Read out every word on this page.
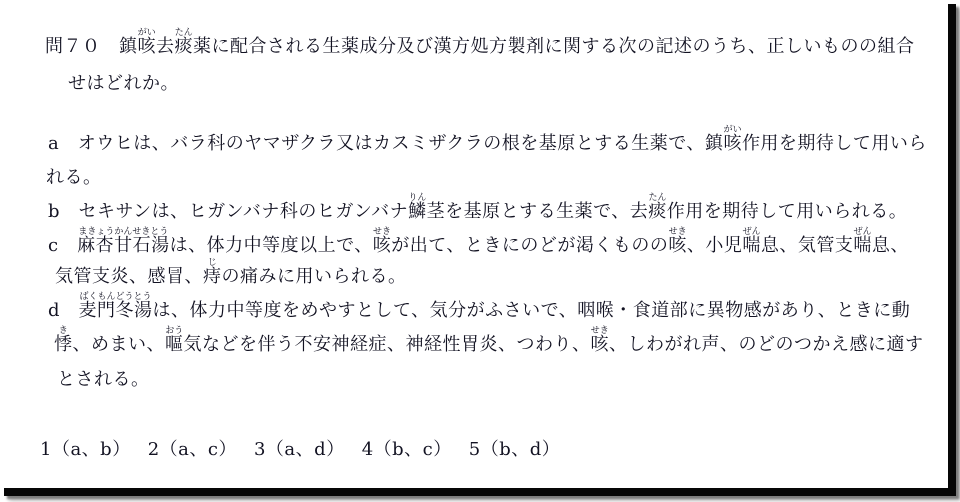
問７０　鎮咳
がい
去痰
たん
薬に配合される生薬成分及び漢方処方製剤に関する次の記述のうち、正しいものの組合
せはどれか。
a　オウヒは、バラ科のヤマザクラ又はカスミザクラの根を基原とする生薬で、鎮咳
がい
作用を期待して用いら
れる。
b　セキサンは、ヒガンバナ科のヒガンバナ鱗
りん
茎を基原とする生薬で、去痰
たん
作用を期待して用いられる。
c　麻杏甘石湯
まきょうかんせきとう
は、体力中等度以上で、咳
せき
が出て、ときにのどが渇くものの咳
せき
、小児喘
ぜん
息、気管支喘
ぜん
息、
気管支炎、感冒、痔
じ
の痛みに用いられる。
d　麦門冬湯
ばくもんどうとう
は、体力中等度をめやすとして、気分がふさいで、咽喉・食道部に異物感があり、ときに動
悸
き
、めまい、嘔
おう
気などを伴う不安神経症、神経性胃炎、つわり、咳
せき
、しわがれ声、のどのつかえ感に適す
とされる。
1（a、b） 2（a、c） 3（a、d） 4（b、c） 5（b、d）
